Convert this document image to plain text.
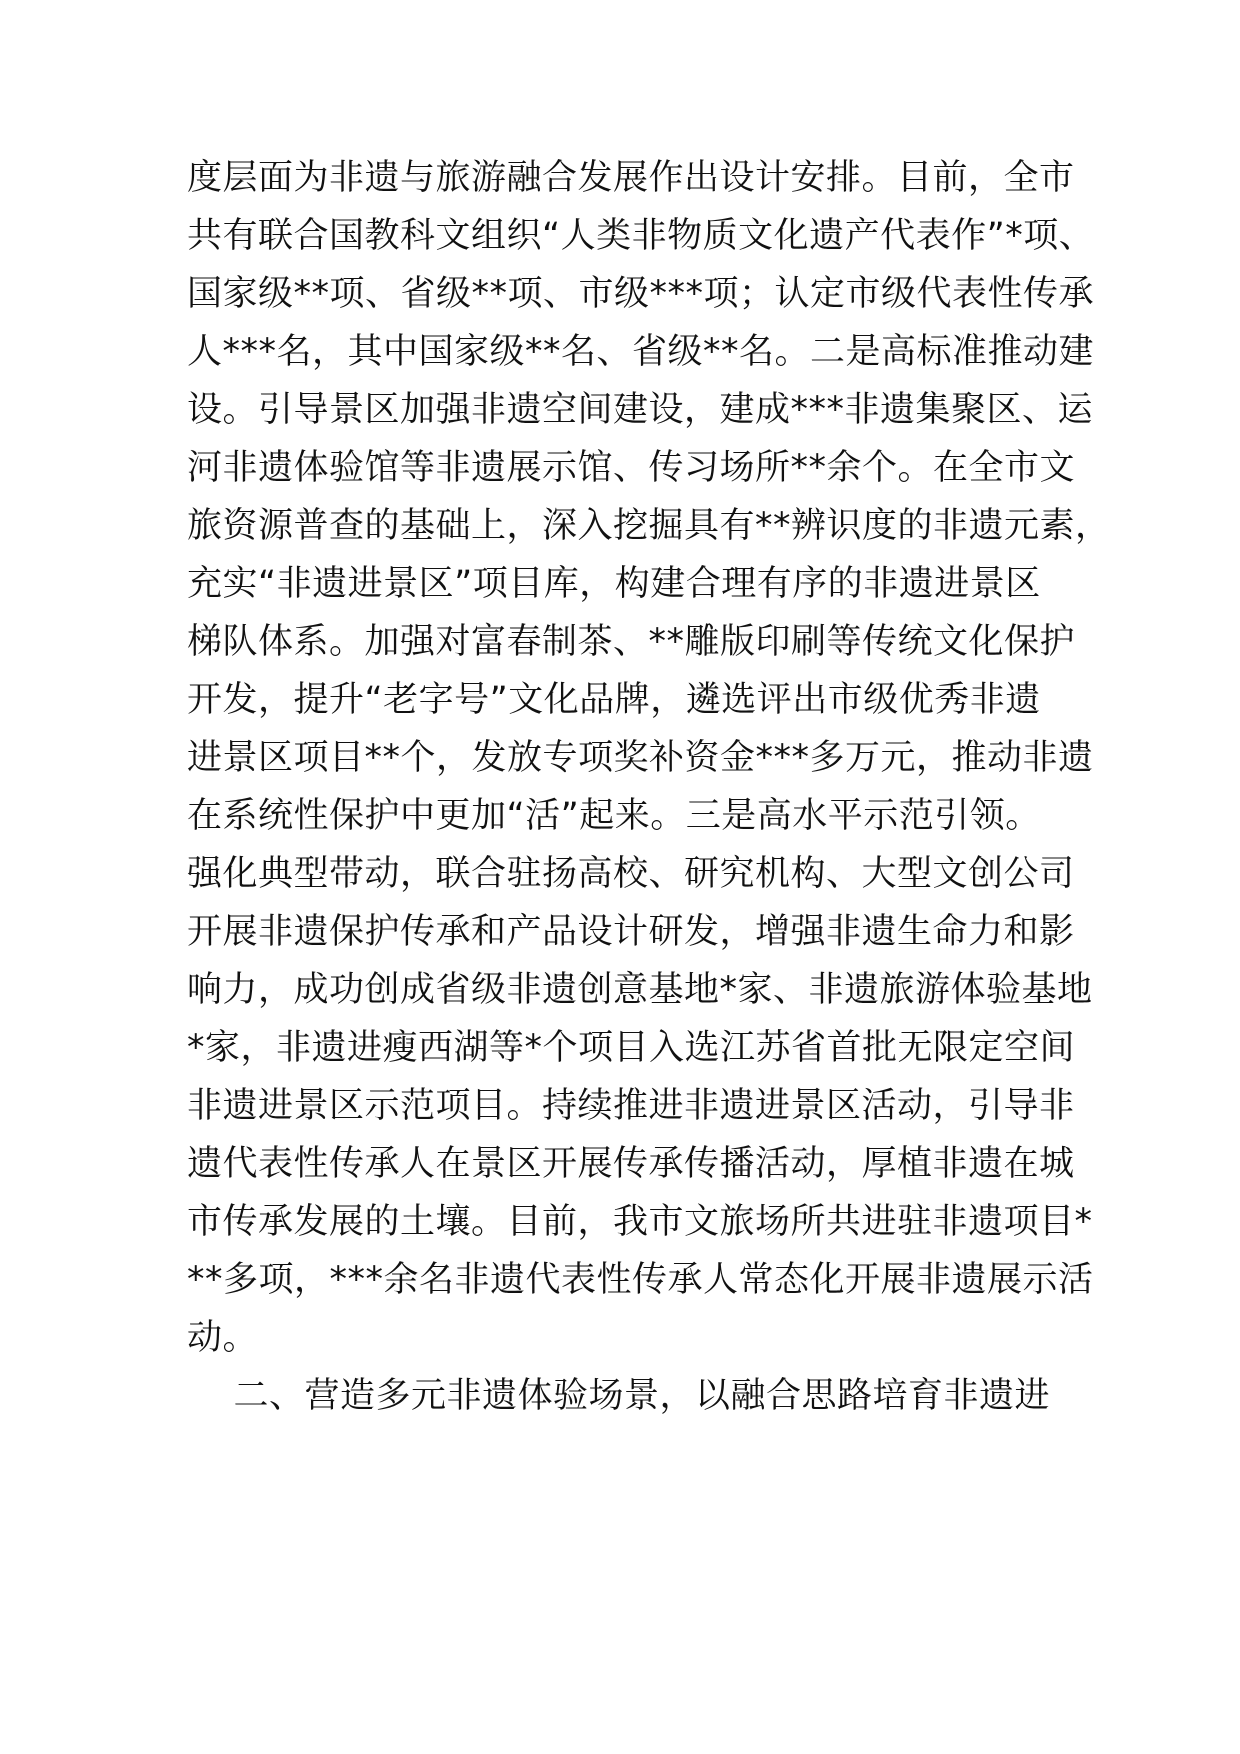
度层面为非遗与旅游融合发展作出设计安排。目前，全市
共有联合国教科文组织“人类非物质文化遗产代表作”*项、
国家级**项、省级**项、市级***项；认定市级代表性传承
人***名，其中国家级**名、省级**名。二是高标准推动建
设。引导景区加强非遗空间建设，建成***非遗集聚区、运
河非遗体验馆等非遗展示馆、传习场所**余个。在全市文
旅资源普查的基础上，深入挖掘具有**辨识度的非遗元素，
充实“非遗进景区”项目库，构建合理有序的非遗进景区
梯队体系。加强对富春制茶、**雕版印刷等传统文化保护
开发，提升“老字号”文化品牌，遴选评出市级优秀非遗
进景区项目**个，发放专项奖补资金***多万元，推动非遗
在系统性保护中更加“活”起来。三是高水平示范引领。
强化典型带动，联合驻扬高校、研究机构、大型文创公司
开展非遗保护传承和产品设计研发，增强非遗生命力和影
响力，成功创成省级非遗创意基地*家、非遗旅游体验基地
*家，非遗进瘦西湖等*个项目入选江苏省首批无限定空间
非遗进景区示范项目。持续推进非遗进景区活动，引导非
遗代表性传承人在景区开展传承传播活动，厚植非遗在城
市传承发展的土壤。目前，我市文旅场所共进驻非遗项目*
**多项，***余名非遗代表性传承人常态化开展非遗展示活
动。
二、营造多元非遗体验场景，以融合思路培育非遗进
